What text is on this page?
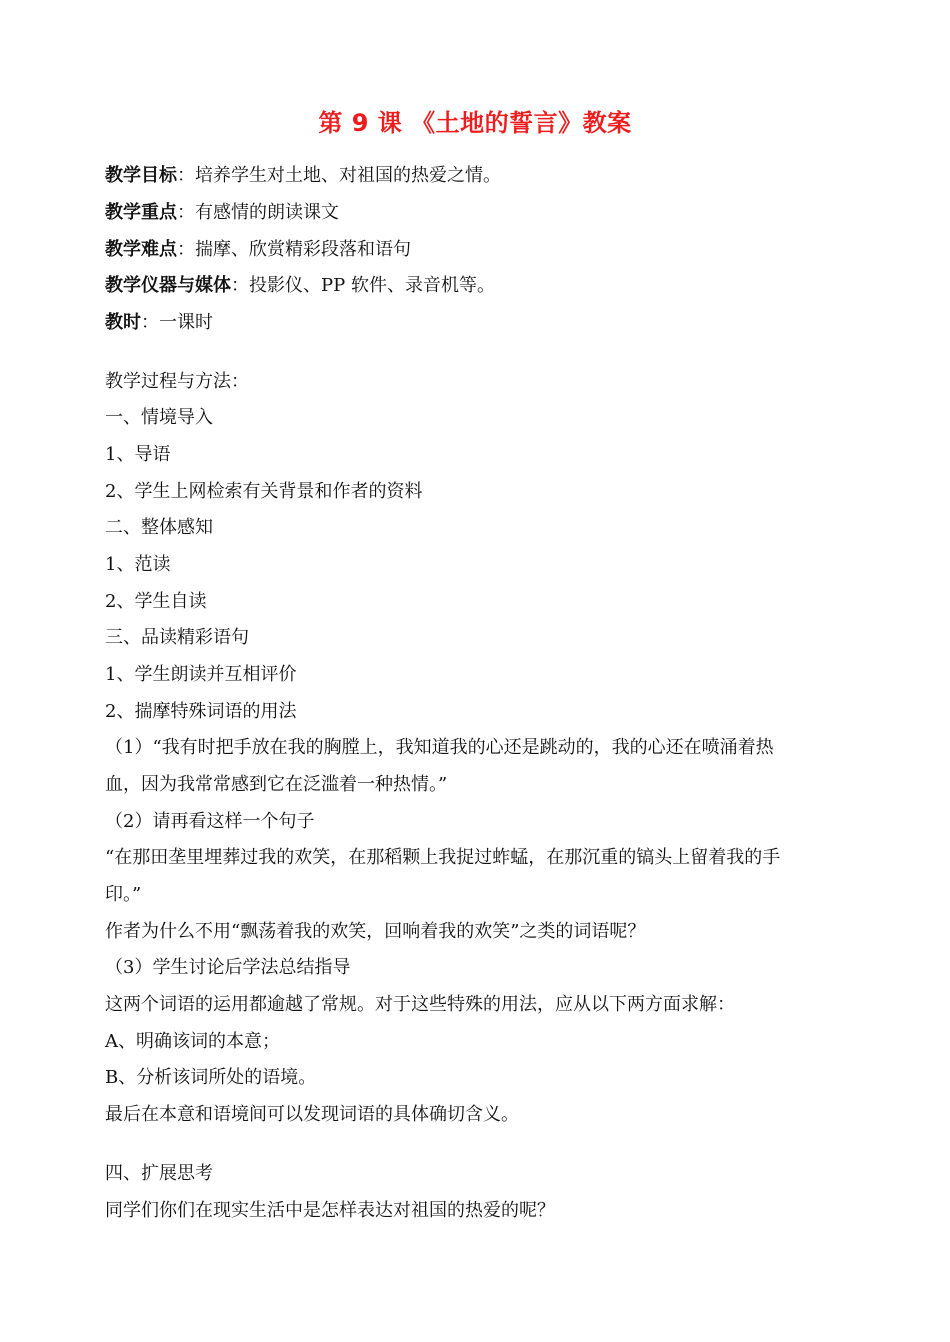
第 9 课 《土地的誓言》教案
教学目标：培养学生对土地、对祖国的热爱之情。
教学重点：有感情的朗读课文
教学难点：揣摩、欣赏精彩段落和语句
教学仪器与媒体：投影仪、PP 软件、录音机等。
教时：一课时
教学过程与方法：
一、情境导入
1、导语
2、学生上网检索有关背景和作者的资料
二、整体感知
1、范读
2、学生自读
三、品读精彩语句
1、学生朗读并互相评价
2、揣摩特殊词语的用法
（1）“我有时把手放在我的胸膛上，我知道我的心还是跳动的，我的心还在喷涌着热
血，因为我常常感到它在泛滥着一种热情。”
（2）请再看这样一个句子
“在那田垄里埋葬过我的欢笑，在那稻颗上我捉过蚱蜢，在那沉重的镐头上留着我的手
印。”
作者为什么不用“飘荡着我的欢笑，回响着我的欢笑”之类的词语呢？
（3）学生讨论后学法总结指导
这两个词语的运用都逾越了常规。对于这些特殊的用法，应从以下两方面求解：
A、明确该词的本意；
B、分析该词所处的语境。
最后在本意和语境间可以发现词语的具体确切含义。
四、扩展思考
同学们你们在现实生活中是怎样表达对祖国的热爱的呢？
